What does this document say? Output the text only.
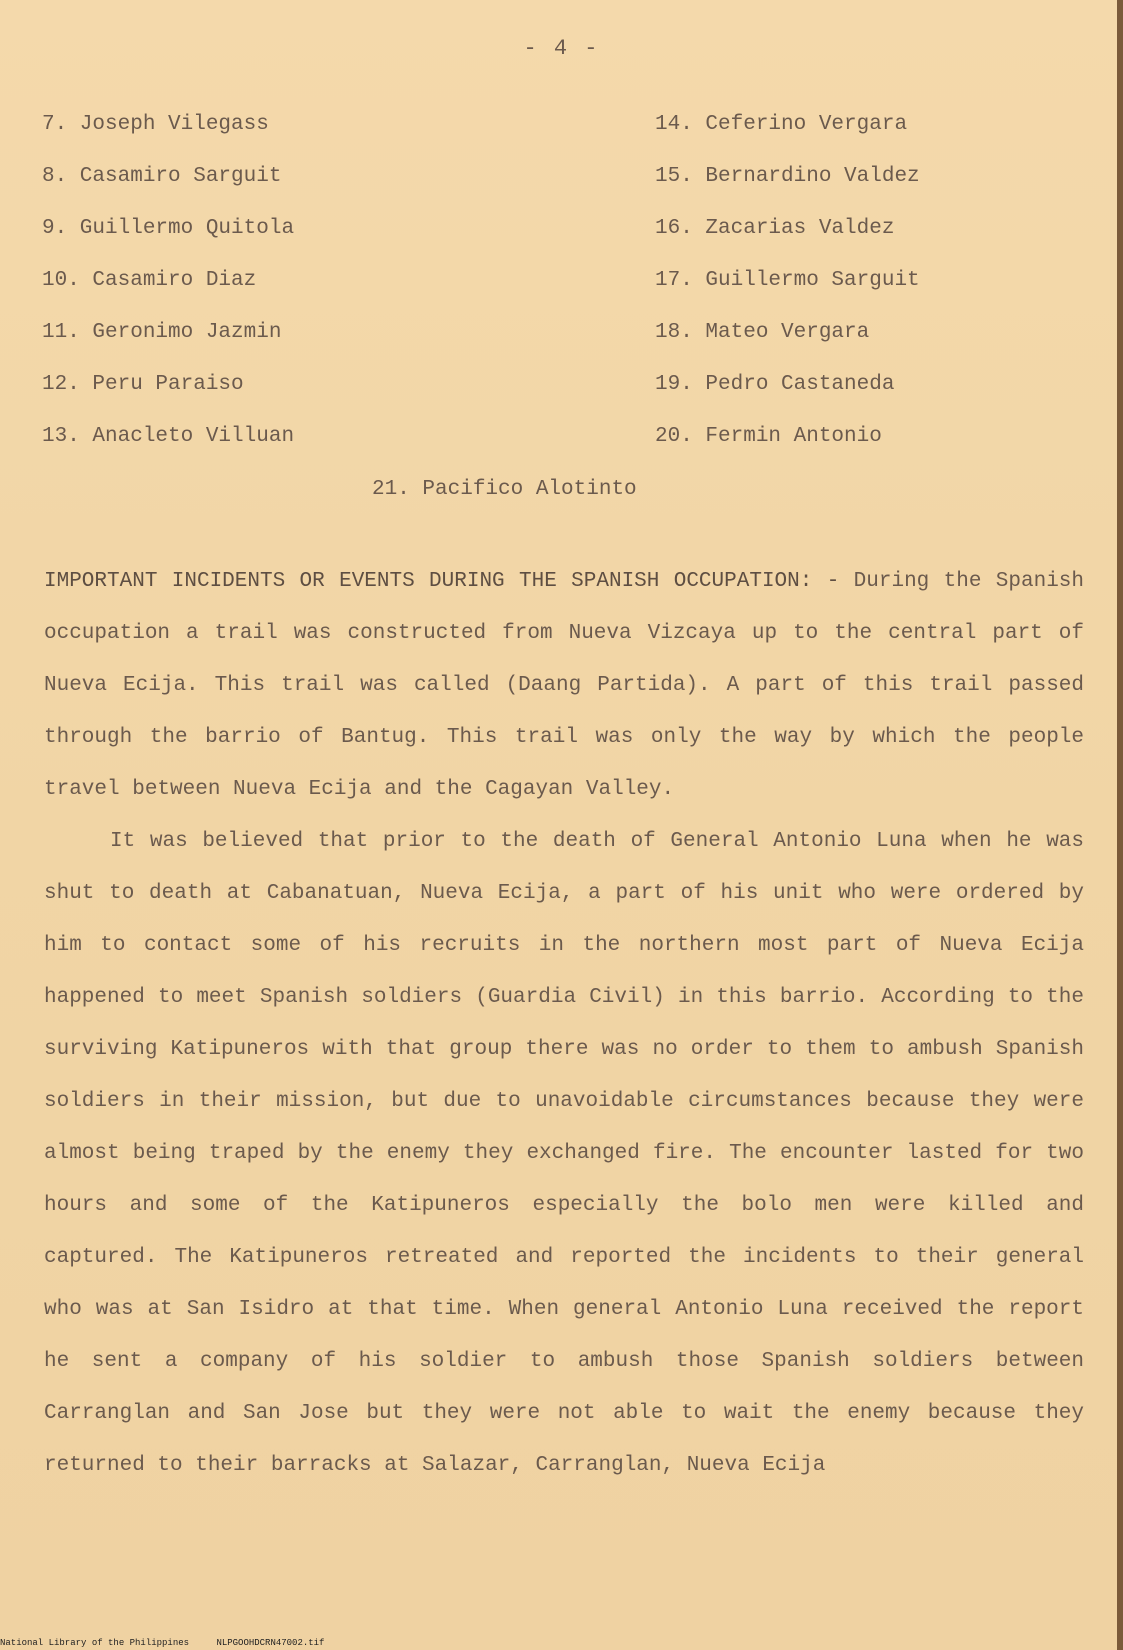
- 4 -
7. Joseph Vilegass
8. Casamiro Sarguit
9. Guillermo Quitola
10. Casamiro Diaz
11. Geronimo Jazmin
12. Peru Paraiso
13. Anacleto Villuan
14. Ceferino Vergara
15. Bernardino Valdez
16. Zacarias Valdez
17. Guillermo Sarguit
18. Mateo Vergara
19. Pedro Castaneda
20. Fermin Antonio
21. Pacifico Alotinto

IMPORTANT INCIDENTS OR EVENTS DURING THE SPANISH OCCUPATION: - During the Spanish occupation a trail was constructed from Nueva Vizcaya up to the central part of Nueva Ecija. This trail was called (Daang Partida). A part of this trail passed through the barrio of Bantug. This trail was only the way by which the people travel between Nueva Ecija and the Cagayan Valley.

It was believed that prior to the death of General Antonio Luna when he was shut to death at Cabanatuan, Nueva Ecija, a part of his unit who were ordered by him to contact some of his recruits in the northern most part of Nueva Ecija happened to meet Spanish soldiers (Guardia Civil) in this barrio. According to the surviving Katipuneros with that group there was no order to them to ambush Spanish soldiers in their mission, but due to unavoidable circumstances because they were almost being traped by the enemy they exchanged fire. The encounter lasted for two hours and some of the Katipuneros especially the bolo men were killed and captured. The Katipuneros retreated and reported the incidents to their general who was at San Isidro at that time. When general Antonio Luna received the report he sent a company of his soldier to ambush those Spanish soldiers between Carranglan and San Jose but they were not able to wait the enemy because they returned to their barracks at Salazar, Carranglan, Nueva Ecija

National Library of the Philippines	NLPGOOHDCRN47002.tif
